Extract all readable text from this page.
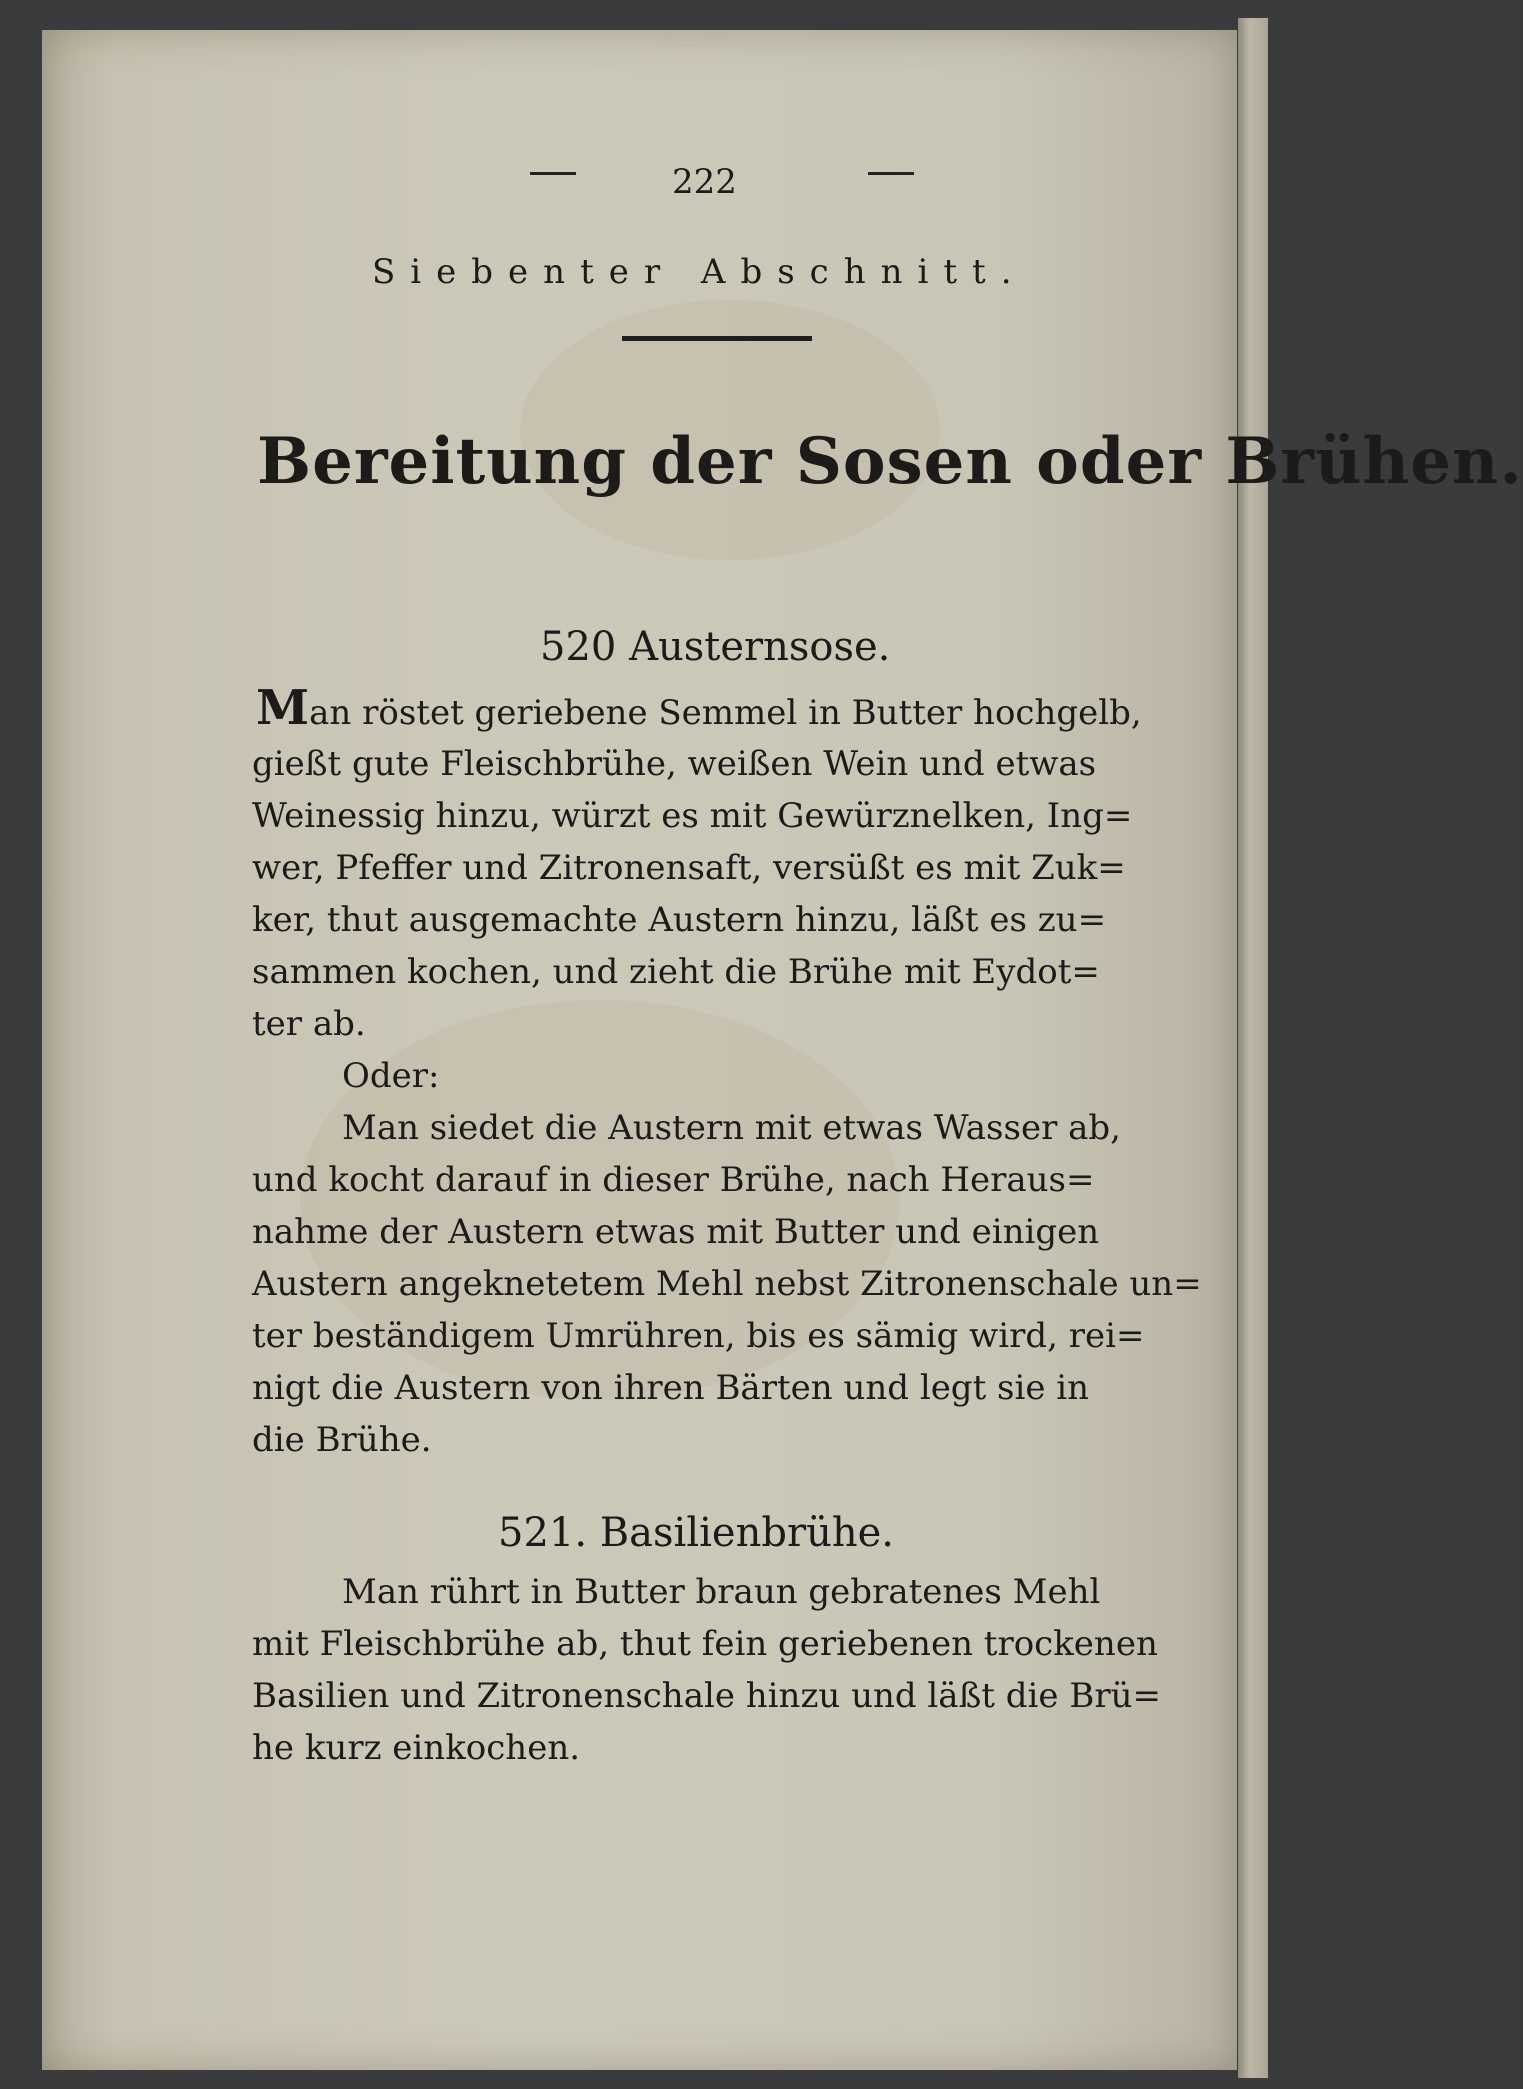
222
Siebenter Abschnitt.
Bereitung der Sosen oder Brühen.
520 Austernsose.
Man röstet geriebene Semmel in Butter hochgelb,
gießt gute Fleischbrühe, weißen Wein und etwas
Weinessig hinzu, würzt es mit Gewürznelken, Ing=
wer, Pfeffer und Zitronensaft, versüßt es mit Zuk=
ker, thut ausgemachte Austern hinzu, läßt es zu=
sammen kochen, und zieht die Brühe mit Eydot=
ter ab.
Oder:
Man siedet die Austern mit etwas Wasser ab,
und kocht darauf in dieser Brühe, nach Heraus=
nahme der Austern etwas mit Butter und einigen
Austern angeknetetem Mehl nebst Zitronenschale un=
ter beständigem Umrühren, bis es sämig wird, rei=
nigt die Austern von ihren Bärten und legt sie in
die Brühe.
521. Basilienbrühe.
Man rührt in Butter braun gebratenes Mehl
mit Fleischbrühe ab, thut fein geriebenen trockenen
Basilien und Zitronenschale hinzu und läßt die Brü=
he kurz einkochen.
